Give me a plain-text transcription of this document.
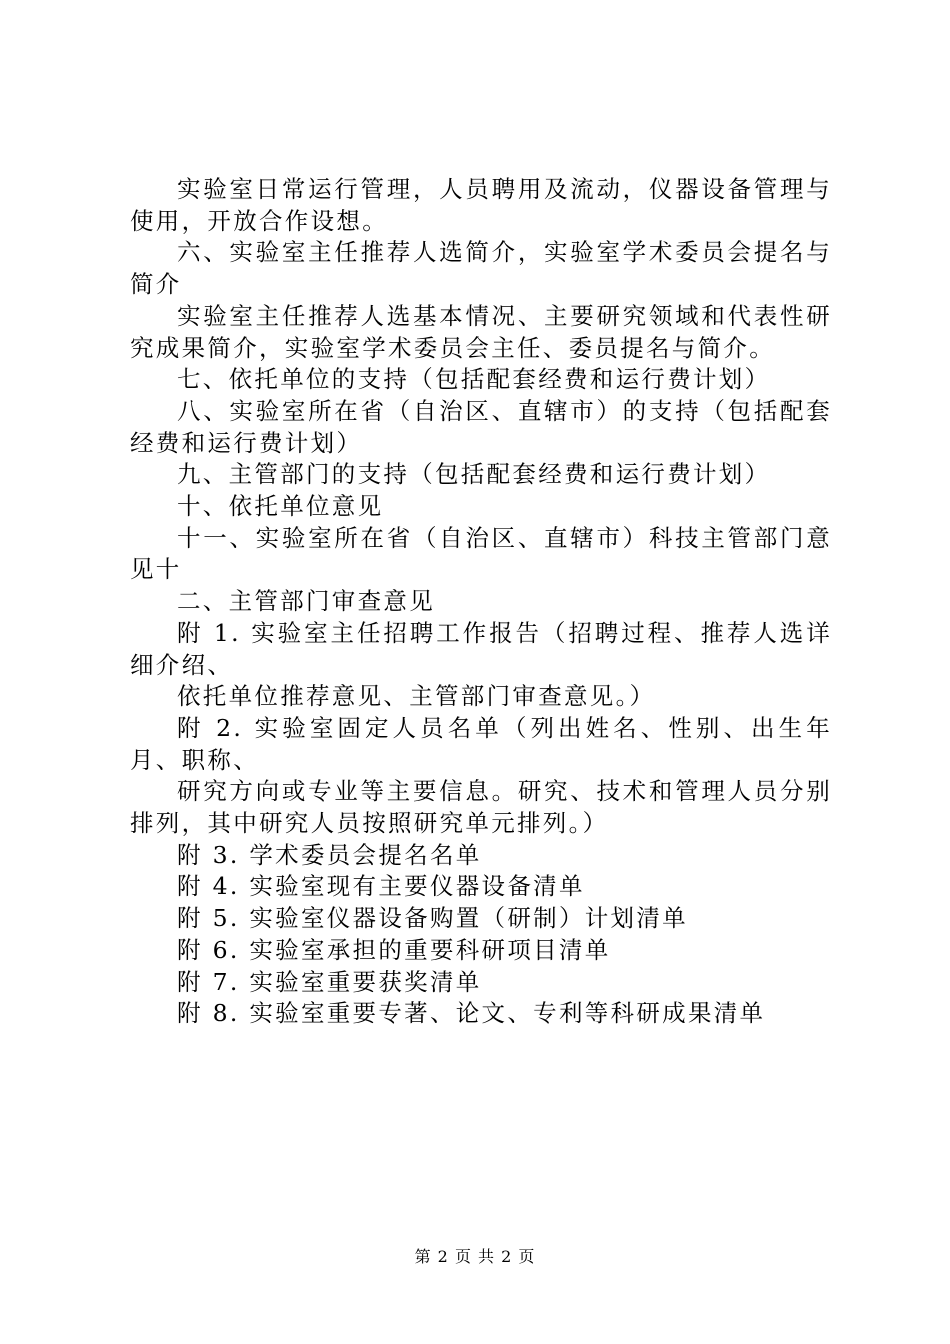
实验室日常运行管理，人员聘用及流动，仪器设备管理与使用，开放合作设想。

六、实验室主任推荐人选简介，实验室学术委员会提名与简介

实验室主任推荐人选基本情况、主要研究领域和代表性研究成果简介，实验室学术委员会主任、委员提名与简介。

七、依托单位的支持（包括配套经费和运行费计划）

八、实验室所在省（自治区、直辖市）的支持（包括配套经费和运行费计划）

九、主管部门的支持（包括配套经费和运行费计划）

十、依托单位意见

十一、实验室所在省（自治区、直辖市）科技主管部门意见十

二、主管部门审查意见

附 1. 实验室主任招聘工作报告（招聘过程、推荐人选详细介绍、

依托单位推荐意见、主管部门审查意见。）

附 2. 实验室固定人员名单（列出姓名、性别、出生年月、职称、

研究方向或专业等主要信息。研究、技术和管理人员分别排列，其中研究人员按照研究单元排列。）

附 3. 学术委员会提名名单

附 4. 实验室现有主要仪器设备清单

附 5. 实验室仪器设备购置（研制）计划清单

附 6. 实验室承担的重要科研项目清单

附 7. 实验室重要获奖清单

附 8. 实验室重要专著、论文、专利等科研成果清单

第 2 页 共 2 页
